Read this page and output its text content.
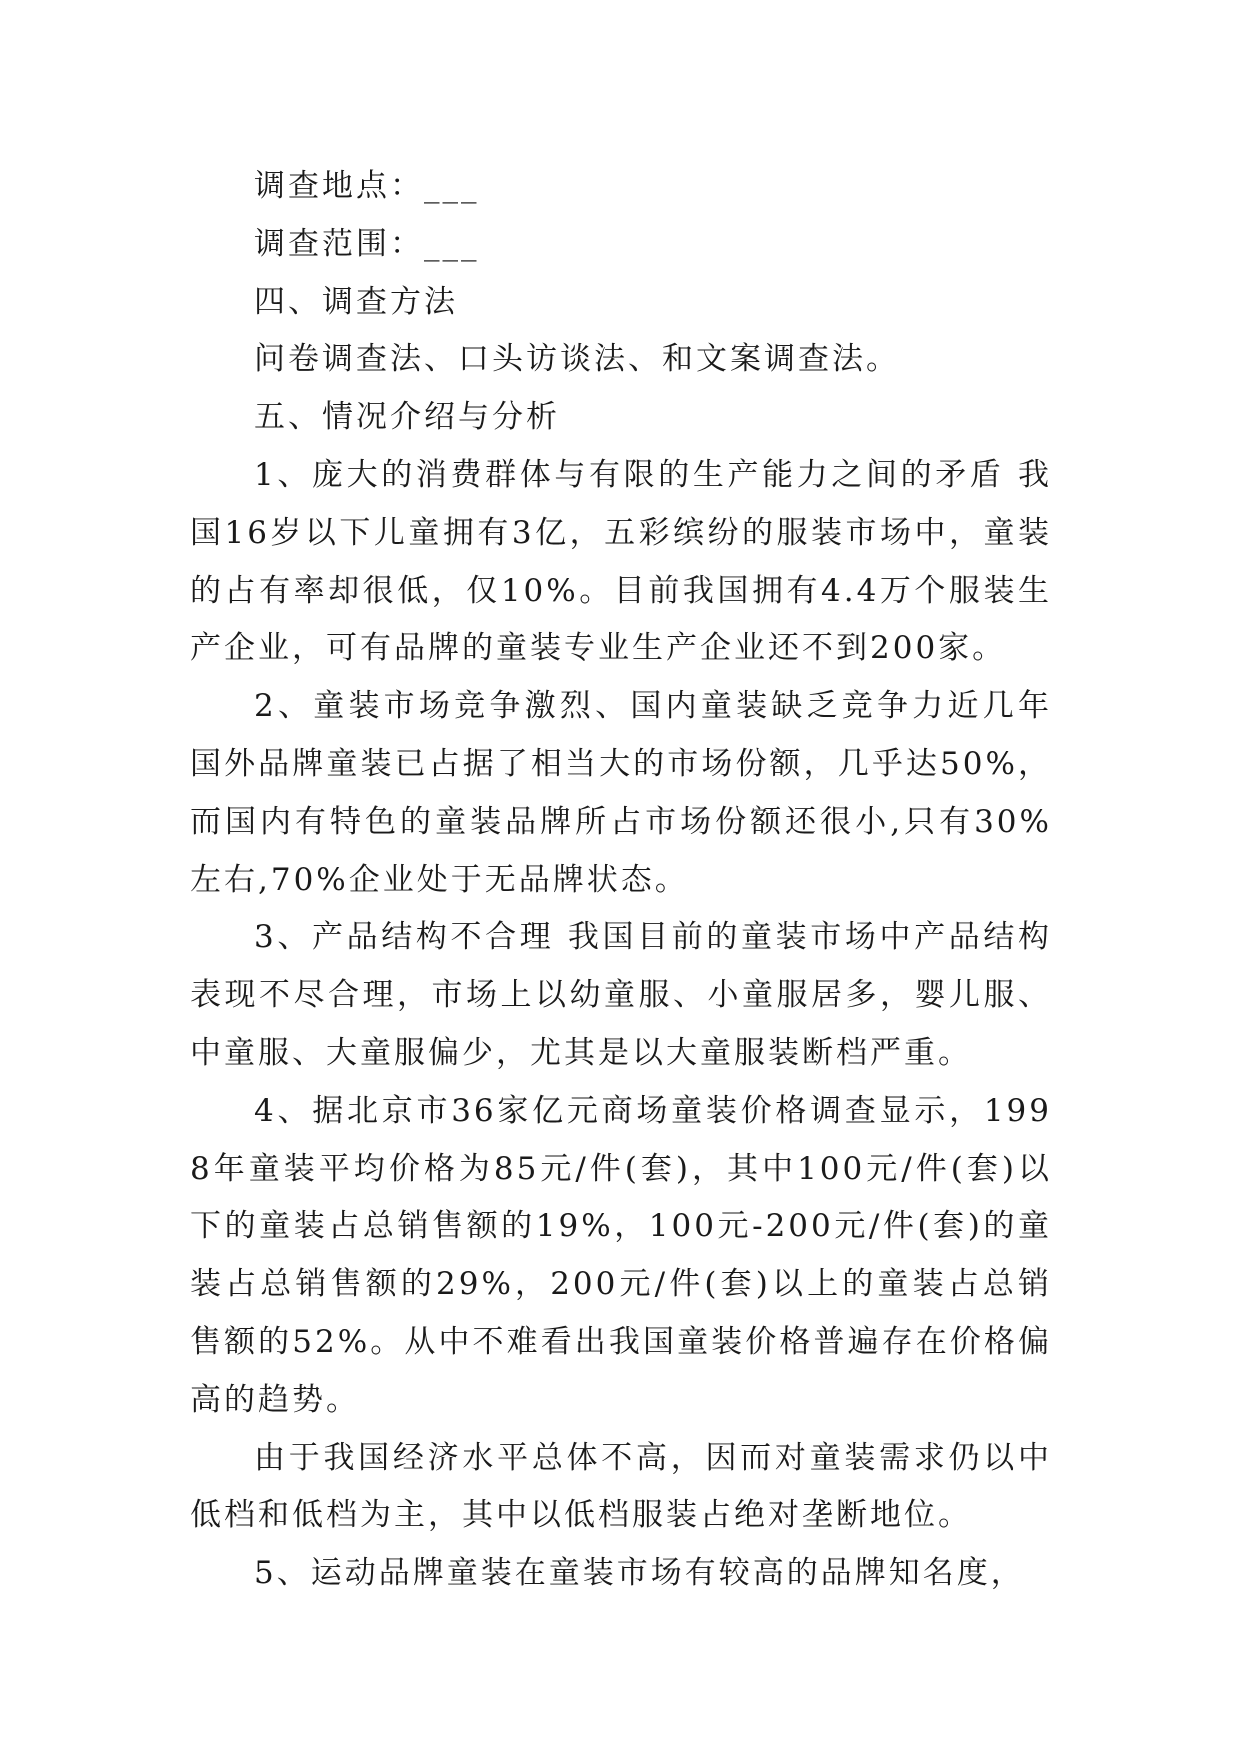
调查地点：___

调查范围：___

四、调查方法

问卷调查法、口头访谈法、和文案调查法。

五、情况介绍与分析

1、庞大的消费群体与有限的生产能力之间的矛盾 我国16岁以下儿童拥有3亿，五彩缤纷的服装市场中，童装的占有率却很低，仅10%。目前我国拥有4.4万个服装生产企业，可有品牌的童装专业生产企业还不到200家。

2、童装市场竞争激烈、国内童装缺乏竞争力近几年国外品牌童装已占据了相当大的市场份额，几乎达50%，而国内有特色的童装品牌所占市场份额还很小,只有30%左右,70%企业处于无品牌状态。

3、产品结构不合理 我国目前的童装市场中产品结构表现不尽合理，市场上以幼童服、小童服居多，婴儿服、中童服、大童服偏少，尤其是以大童服装断档严重。

4、据北京市36家亿元商场童装价格调查显示，1998年童装平均价格为85元/件(套)，其中100元/件(套)以下的童装占总销售额的19%，100元-200元/件(套)的童装占总销售额的29%，200元/件(套)以上的童装占总销售额的52%。从中不难看出我国童装价格普遍存在价格偏高的趋势。

由于我国经济水平总体不高，因而对童装需求仍以中低档和低档为主，其中以低档服装占绝对垄断地位。

5、运动品牌童装在童装市场有较高的品牌知名度，
